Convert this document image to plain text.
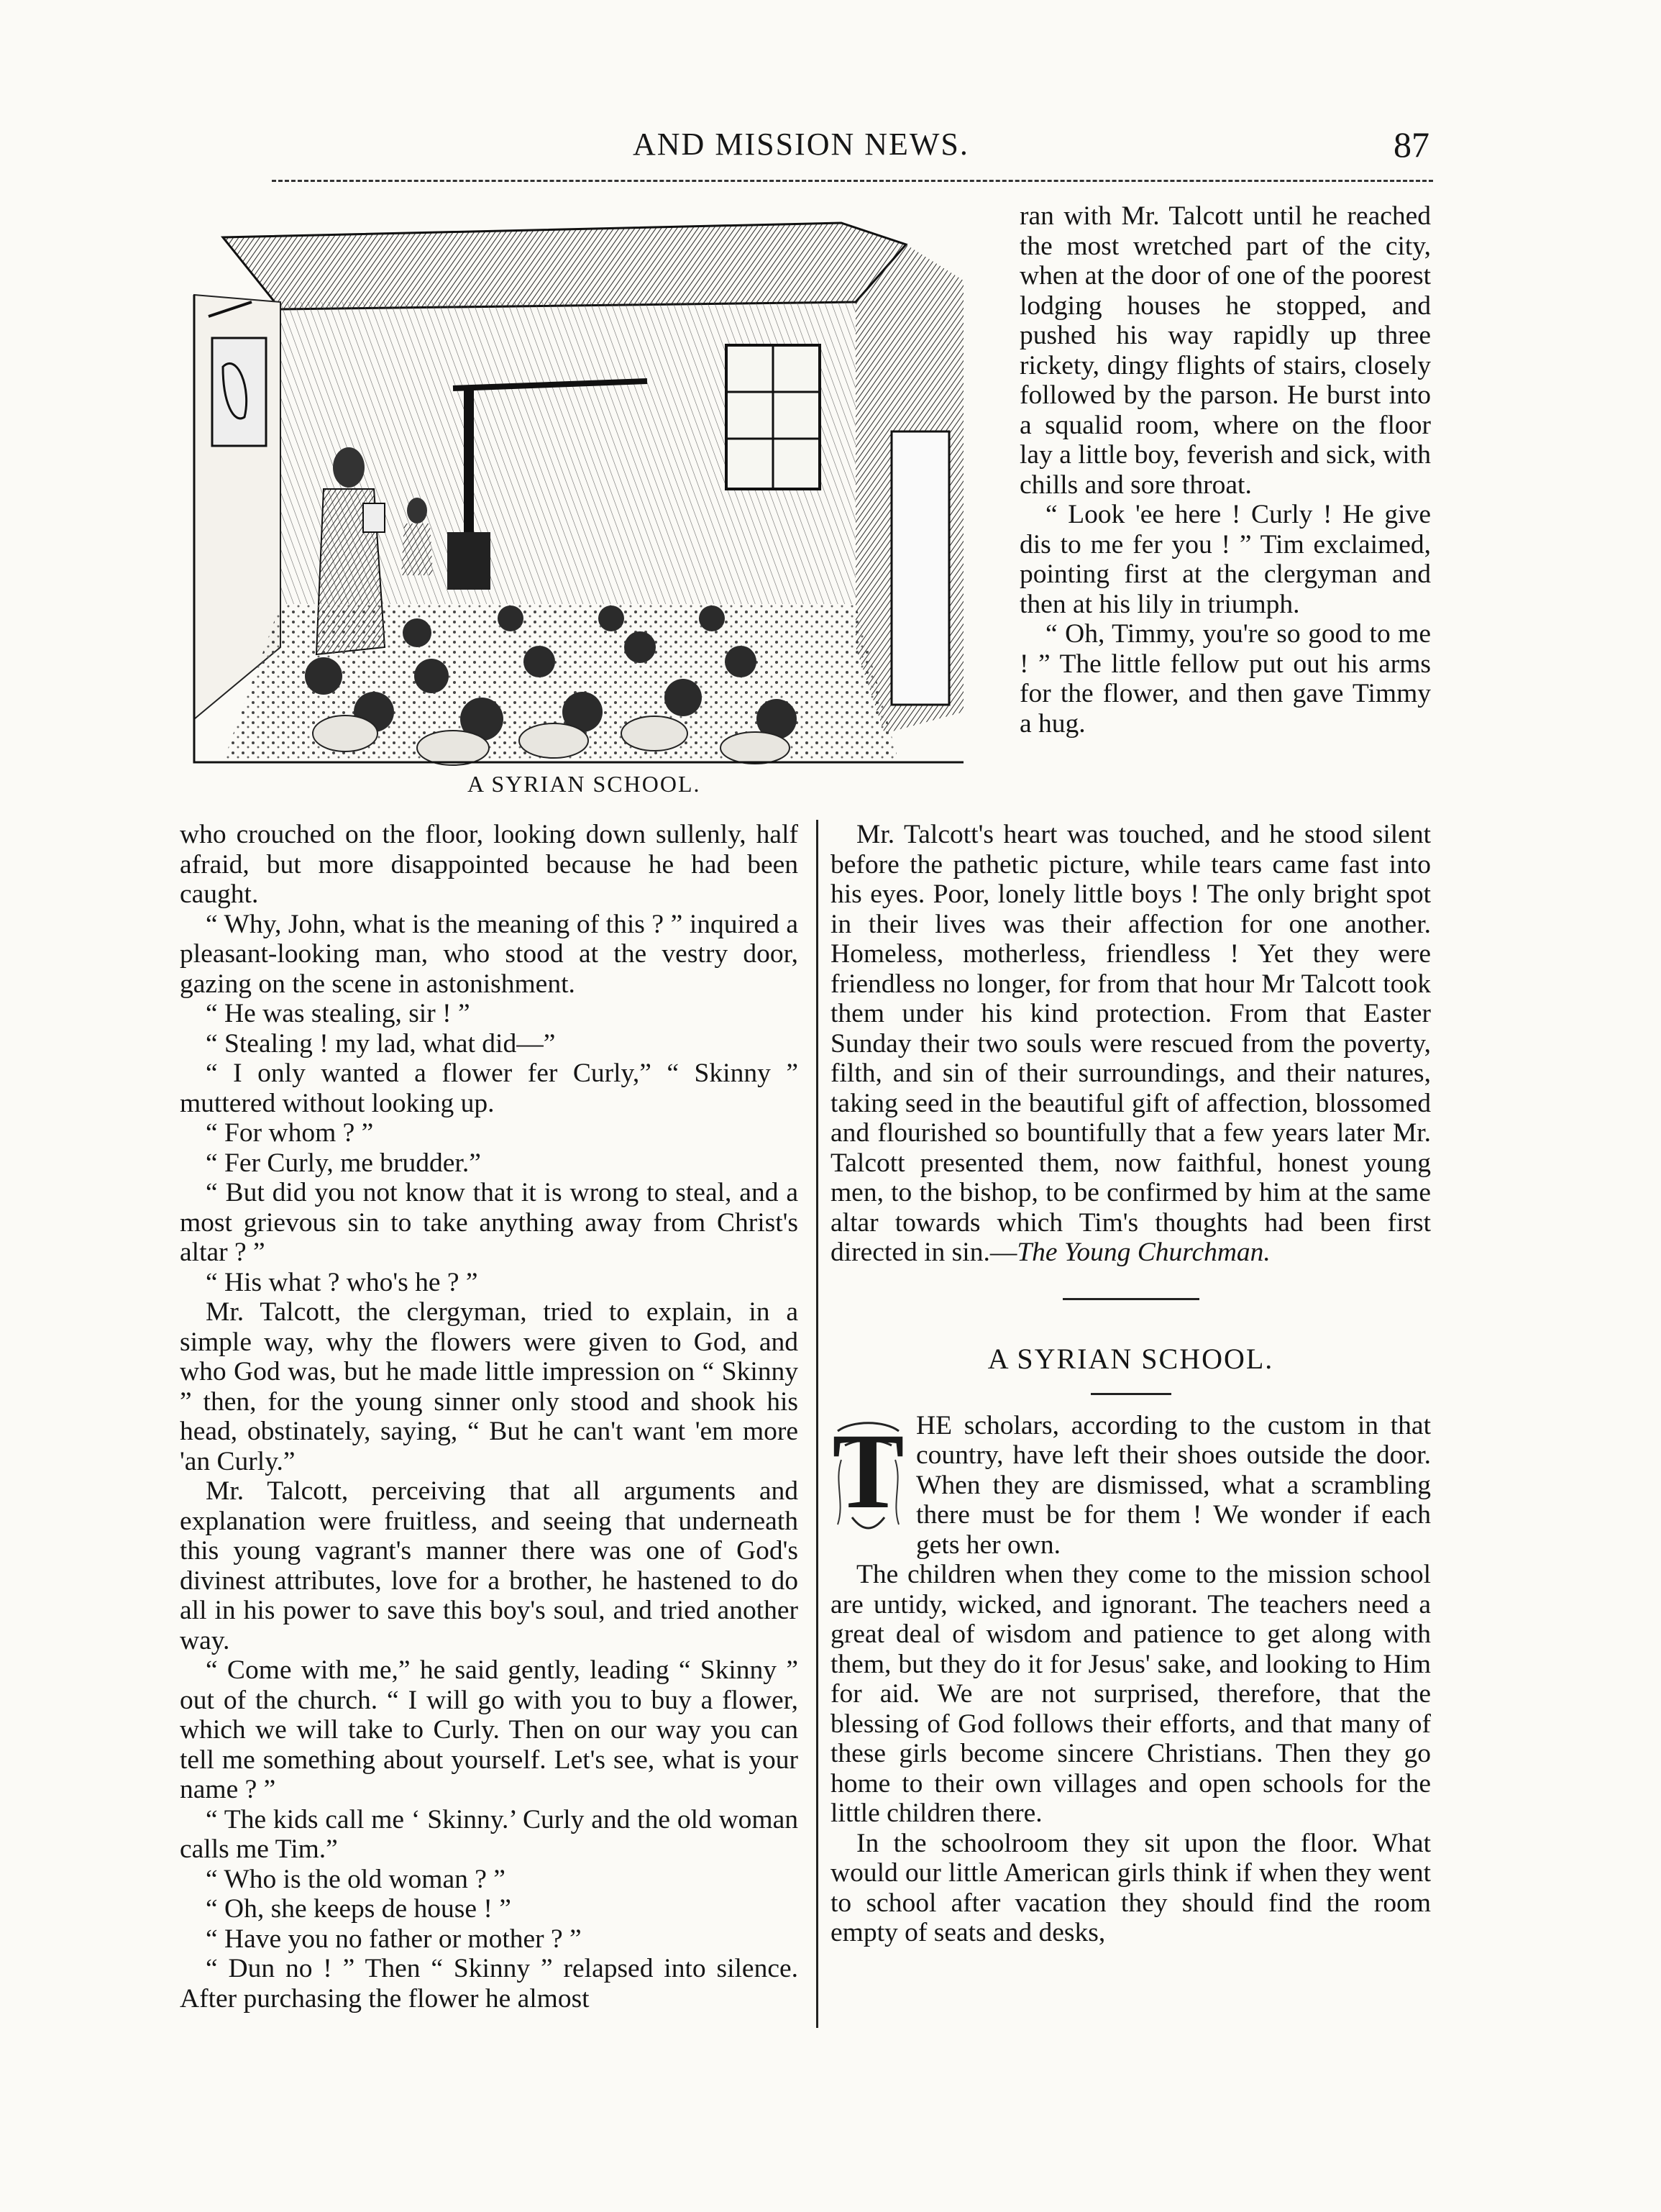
AND MISSION NEWS.	87
A SYRIAN SCHOOL.

ran with Mr. Talcott until he reached the most wretched part of the city, when at the door of one of the poorest lodging houses he stopped, and pushed his way rapidly up three rickety, dingy flights of stairs, closely followed by the parson. He burst into a squalid room, where on the floor lay a little boy, feverish and sick, with chills and sore throat.

“ Look 'ee here ! Curly ! He give dis to me fer you ! ” Tim exclaimed, pointing first at the clergyman and then at his lily in triumph.

“ Oh, Timmy, you're so good to me ! ” The little fellow put out his arms for the flower, and then gave Timmy a hug.

who crouched on the floor, looking down sullenly, half afraid, but more disappointed because he had been caught.

“ Why, John, what is the meaning of this ? ” inquired a pleasant-looking man, who stood at the vestry door, gazing on the scene in astonishment.

“ He was stealing, sir ! ”

“ Stealing ! my lad, what did—”

“ I only wanted a flower fer Curly,” “ Skinny ” muttered without looking up.

“ For whom ? ”

“ Fer Curly, me brudder.”

“ But did you not know that it is wrong to steal, and a most grievous sin to take anything away from Christ's altar ? ”

“ His what ? who's he ? ”

Mr. Talcott, the clergyman, tried to explain, in a simple way, why the flowers were given to God, and who God was, but he made little impression on “ Skinny ” then, for the young sinner only stood and shook his head, obstinately, saying, “ But he can't want 'em more 'an Curly.”

Mr. Talcott, perceiving that all arguments and explanation were fruitless, and seeing that underneath this young vagrant's manner there was one of God's divinest attributes, love for a brother, he hastened to do all in his power to save this boy's soul, and tried another way.

“ Come with me,” he said gently, leading “ Skinny ” out of the church. “ I will go with you to buy a flower, which we will take to Curly. Then on our way you can tell me something about yourself. Let's see, what is your name ? ”

“ The kids call me ‘ Skinny.’ Curly and the old woman calls me Tim.”

“ Who is the old woman ? ”

“ Oh, she keeps de house ! ”

“ Have you no father or mother ? ”

“ Dun no ! ” Then “ Skinny ” relapsed into silence. After purchasing the flower he almost

Mr. Talcott's heart was touched, and he stood silent before the pathetic picture, while tears came fast into his eyes. Poor, lonely little boys ! The only bright spot in their lives was their affection for one another. Homeless, motherless, friendless ! Yet they were friendless no longer, for from that hour Mr Talcott took them under his kind protection. From that Easter Sunday their two souls were rescued from the poverty, filth, and sin of their surroundings, and their natures, taking seed in the beautiful gift of affection, blossomed and flourished so bountifully that a few years later Mr. Talcott presented them, now faithful, honest young men, to the bishop, to be confirmed by him at the same altar towards which Tim's thoughts had been first directed in sin.—The Young Churchman.

A SYRIAN SCHOOL.
T HE scholars, according to the custom in that country, have left their shoes outside the door. When they are dismissed, what a scrambling there must be for them ! We wonder if each gets her own.

The children when they come to the mission school are untidy, wicked, and ignorant. The teachers need a great deal of wisdom and patience to get along with them, but they do it for Jesus' sake, and looking to Him for aid. We are not surprised, therefore, that the blessing of God follows their efforts, and that many of these girls become sincere Christians. Then they go home to their own villages and open schools for the little children there.

In the schoolroom they sit upon the floor. What would our little American girls think if when they went to school after vacation they should find the room empty of seats and desks,
